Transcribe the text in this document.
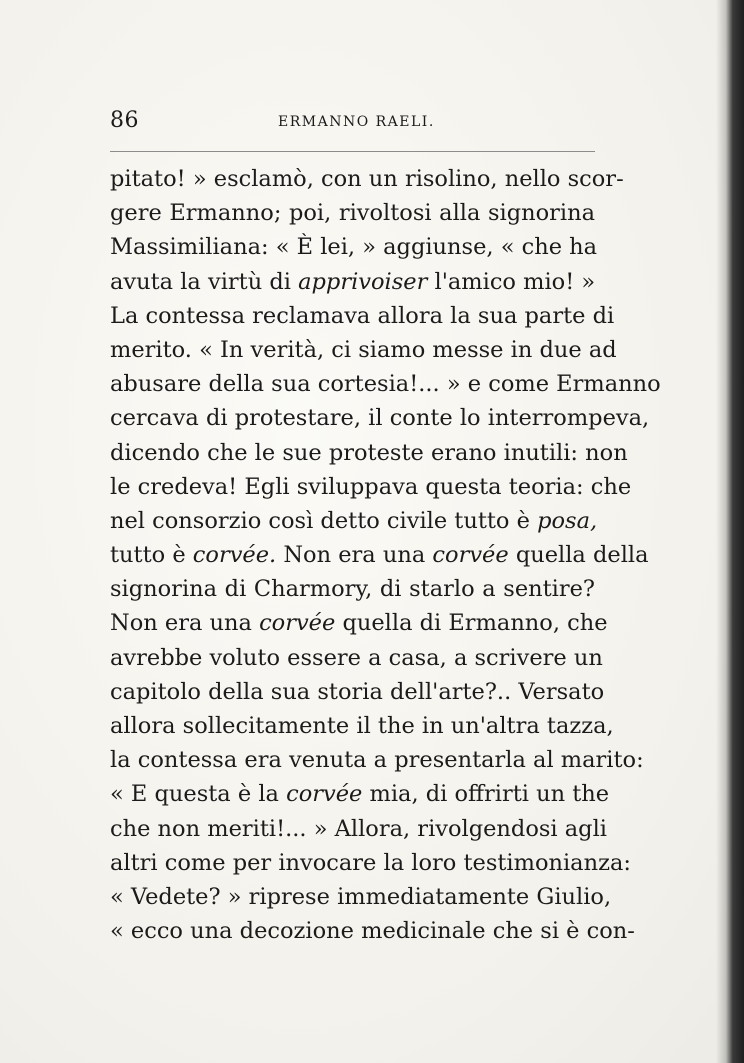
86	ERMANNO RAELI.
pitato! » esclamò, con un risolino, nello scor-
gere Ermanno; poi, rivoltosi alla signorina
Massimiliana: « È lei, » aggiunse, « che ha
avuta la virtù di apprivoiser l'amico mio! »
La contessa reclamava allora la sua parte di
merito. « In verità, ci siamo messe in due ad
abusare della sua cortesia!... » e come Ermanno
cercava di protestare, il conte lo interrompeva,
dicendo che le sue proteste erano inutili: non
le credeva! Egli sviluppava questa teoria: che
nel consorzio così detto civile tutto è posa,
tutto è corvée. Non era una corvée quella della
signorina di Charmory, di starlo a sentire?
Non era una corvée quella di Ermanno, che
avrebbe voluto essere a casa, a scrivere un
capitolo della sua storia dell'arte?.. Versato
allora sollecitamente il the in un'altra tazza,
la contessa era venuta a presentarla al marito:
« E questa è la corvée mia, di offrirti un the
che non meriti!... » Allora, rivolgendosi agli
altri come per invocare la loro testimonianza:
« Vedete? » riprese immediatamente Giulio,
« ecco una decozione medicinale che si è con-
